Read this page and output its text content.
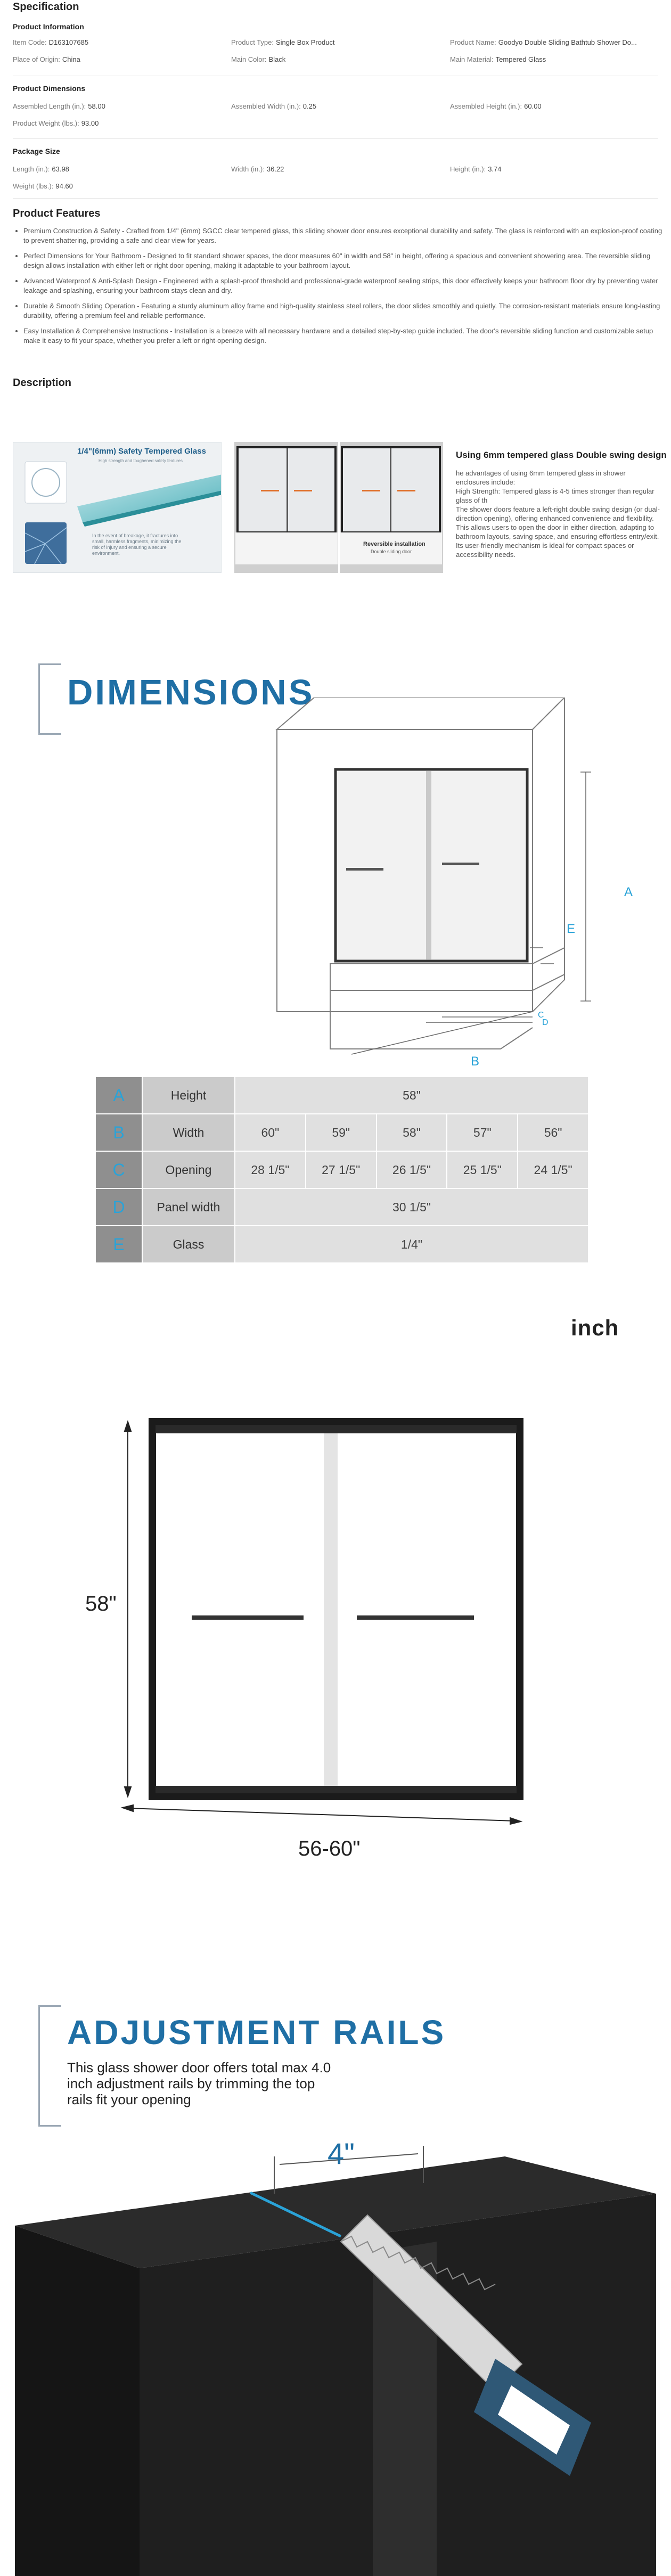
Specification
Product Information
Item Code: D163107685	Product Type: Single Box Product	Product Name: Goodyo Double Sliding Bathtub Shower Do...
Place of Origin: China	Main Color: Black	Main Material: Tempered Glass
Product Dimensions
Assembled Length (in.): 58.00	Assembled Width (in.): 0.25	Assembled Height (in.): 60.00
Product Weight (lbs.): 93.00
Package Size
Length (in.): 63.98	Width (in.): 36.22	Height (in.): 3.74
Weight (lbs.): 94.60
Product Features
• Premium Construction & Safety - Crafted from 1/4" (6mm) SGCC clear tempered glass, this sliding shower door ensures exceptional durability and safety. The glass is reinforced with an explosion-proof coating to prevent shattering, providing a safe and clear view for years.
• Perfect Dimensions for Your Bathroom - Designed to fit standard shower spaces, the door measures 60" in width and 58" in height, offering a spacious and convenient showering area. The reversible sliding design allows installation with either left or right door opening, making it adaptable to your bathroom layout.
• Advanced Waterproof & Anti-Splash Design - Engineered with a splash-proof threshold and professional-grade waterproof sealing strips, this door effectively keeps your bathroom floor dry by preventing water leakage and splashing, ensuring your bathroom stays clean and dry.
• Durable & Smooth Sliding Operation - Featuring a sturdy aluminum alloy frame and high-quality stainless steel rollers, the door slides smoothly and quietly. The corrosion-resistant materials ensure long-lasting durability, offering a premium feel and reliable performance.
• Easy Installation & Comprehensive Instructions - Installation is a breeze with all necessary hardware and a detailed step-by-step guide included. The door's reversible sliding function and customizable setup make it easy to fit your space, whether you prefer a left or right-opening design.
Description
1/4"(6mm) Safety Tempered Glass
High strength and toughened safety features
In the event of breakage, it fractures into small, harmless fragments, minimizing the risk of injury and ensuring a secure environment.
Reversible installation
Double sliding door
Using 6mm tempered glass Double swing design
he advantages of using 6mm tempered glass in shower enclosures include:
High Strength: Tempered glass is 4-5 times stronger than regular glass of th
The shower doors feature a left-right double swing design (or dual-direction opening), offering enhanced convenience and flexibility. This allows users to open the door in either direction, adapting to bathroom layouts, saving space, and ensuring effortless entry/exit. Its user-friendly mechanism is ideal for compact spaces or accessibility needs.
DIMENSIONS
A
B
C
D
E
A	Height	58"				
B	Width	60"	59"	58"	57"	56"
C	Opening	28 1/5"	27 1/5"	26 1/5"	25 1/5"	24 1/5"
D	Panel width	30 1/5"				
E	Glass	1/4"				
inch
58"
56-60"
ADJUSTMENT RAILS
This glass shower door offers total max 4.0 inch adjustment rails by trimming the top rails fit your opening
4"
